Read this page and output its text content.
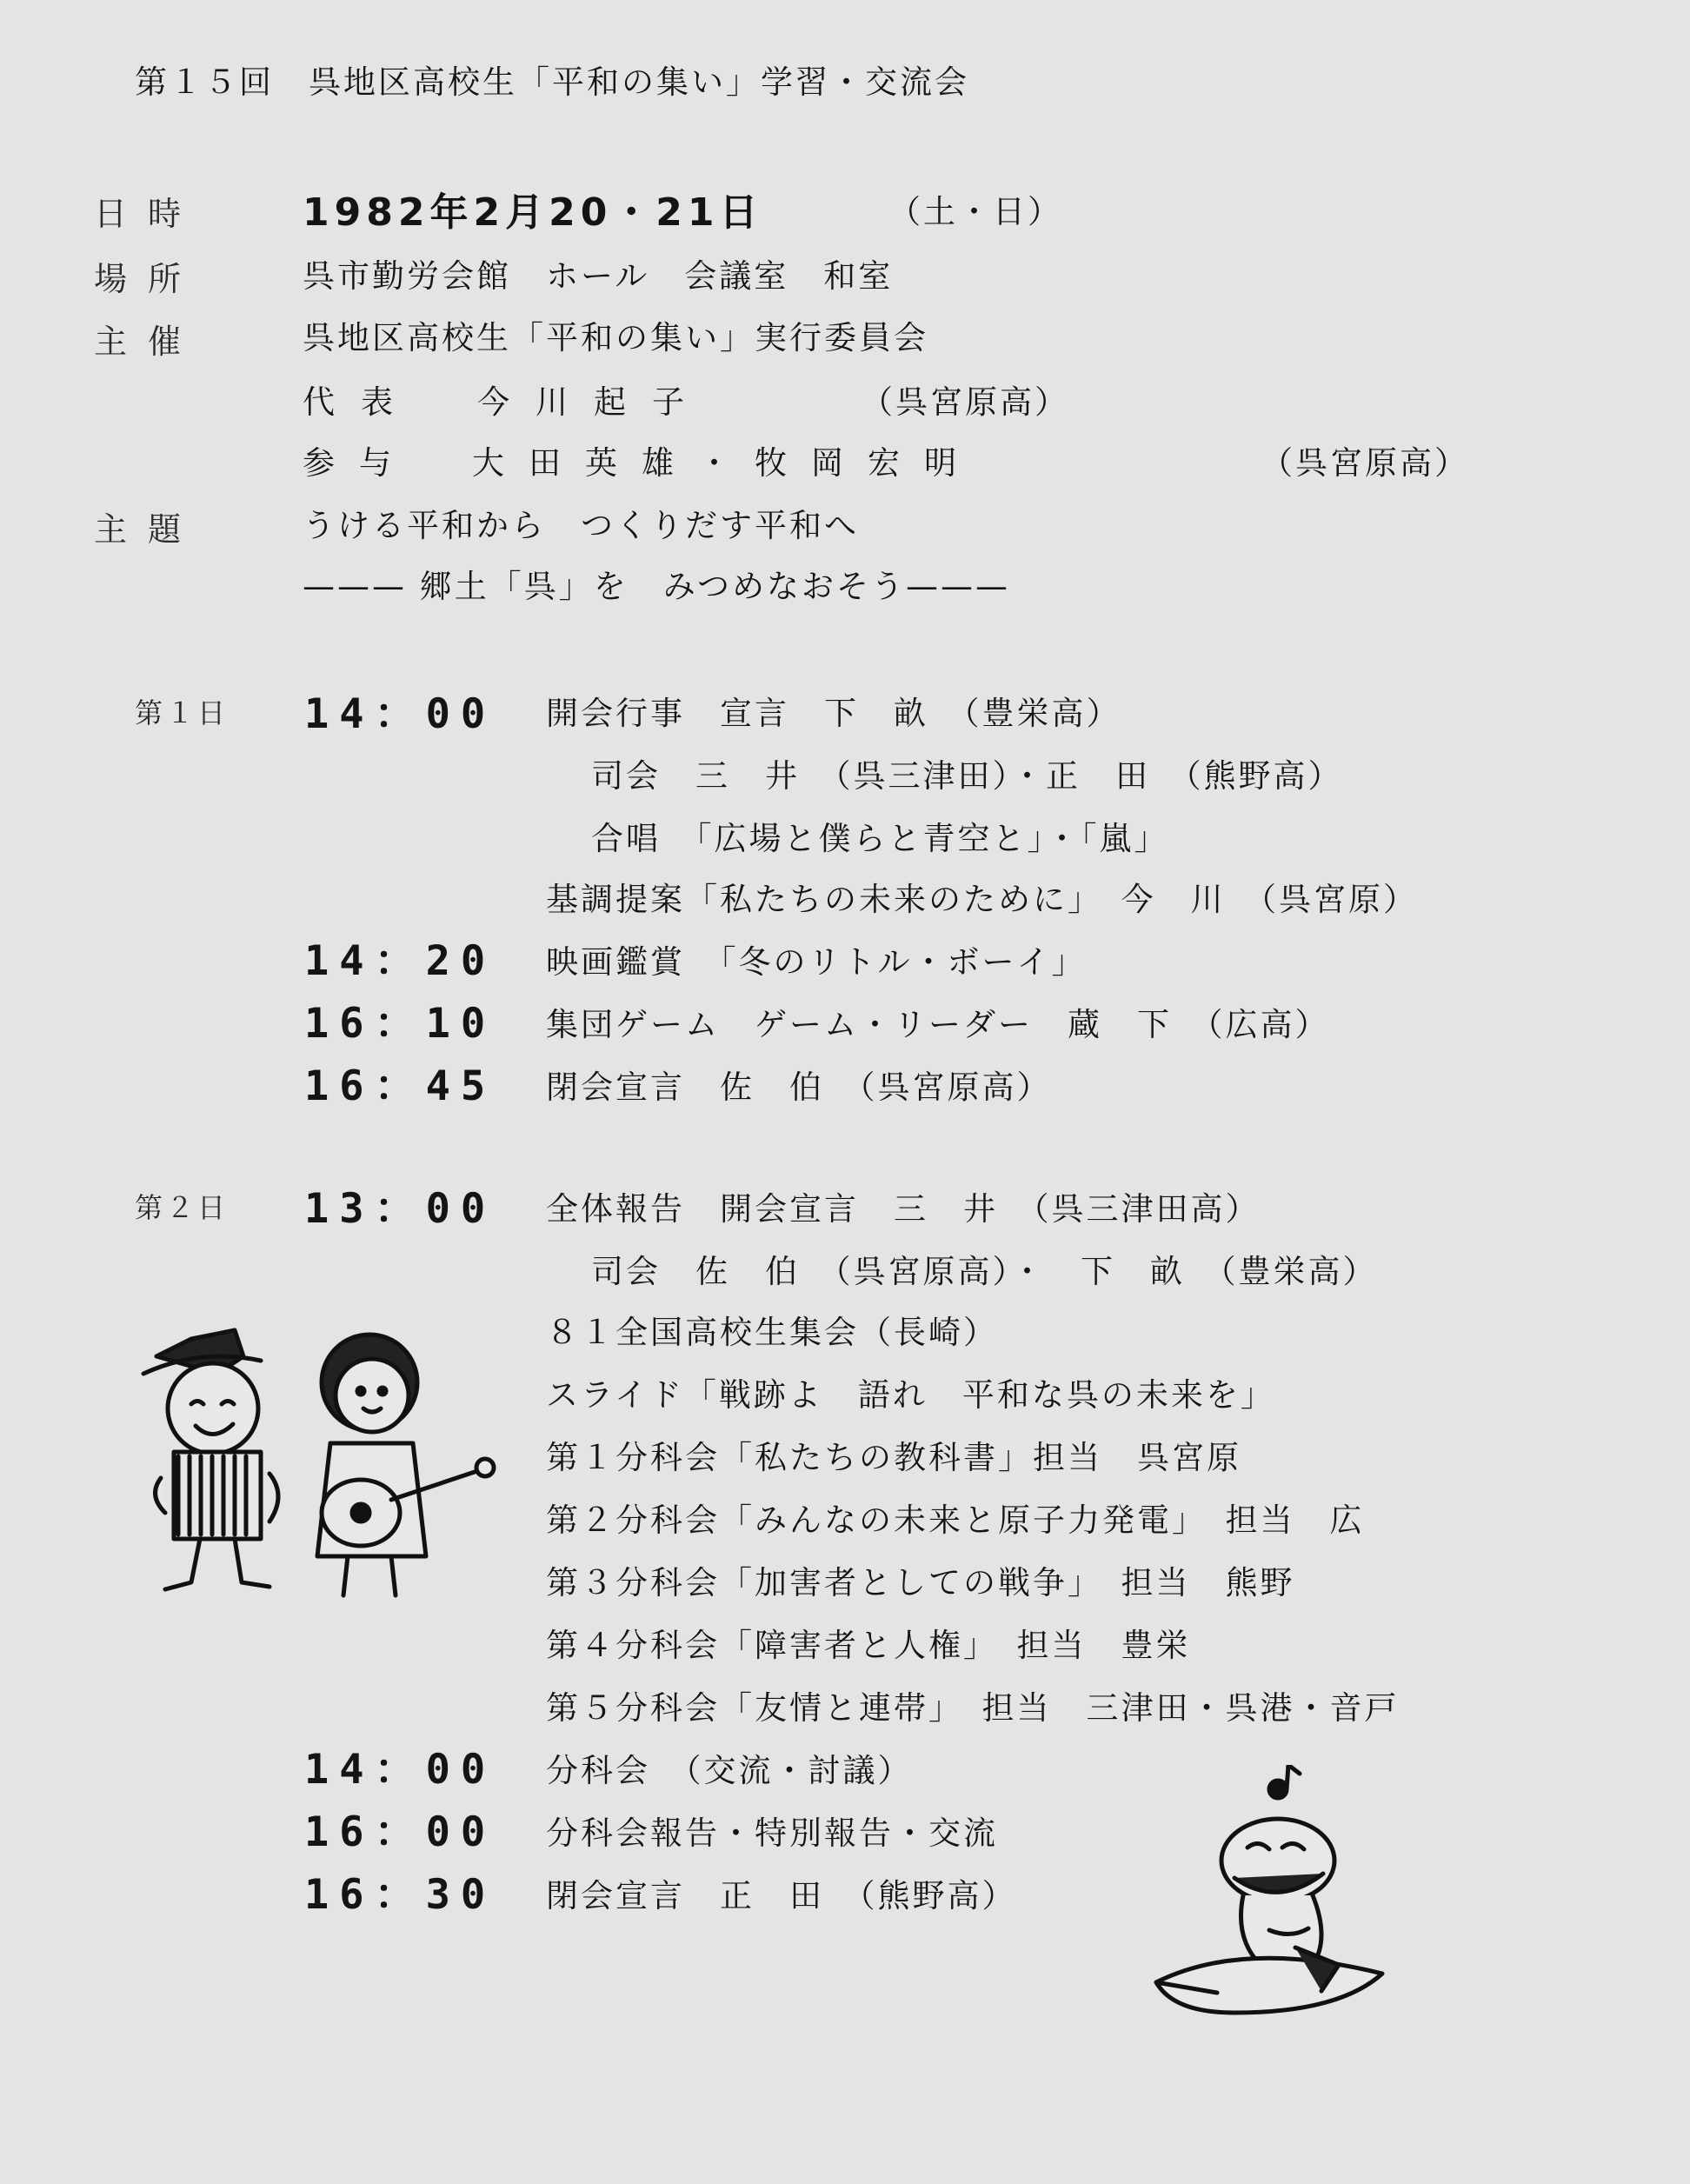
第１５回　呉地区高校生「平和の集い」学習・交流会
日時	1982年2月20・21日	（土・日）
場所	呉市勤労会館　ホール　会議室　和室
主催	呉地区高校生「平和の集い」実行委員会
代表　今川起子	（呉宮原高）
参与　大田英雄・牧岡宏明	（呉宮原高）
主題	うける平和から　つくりだす平和へ
——— 郷土「呉」を　みつめなおそう———
第１日 14：00 開会行事　宣言　下　畝　（豊栄高）
司会　三　井　（呉三津田）・正　田　（熊野高）
合唱　「広場と僕らと青空と」・「嵐」
基調提案「私たちの未来のために」　今　川　（呉宮原）
14：20 映画鑑賞　「冬のリトル・ボーイ」
16：10 集団ゲーム　ゲーム・リーダー　蔵　下　（広高）
16：45 閉会宣言　佐　伯　（呉宮原高）
第２日 13：00 全体報告　開会宣言　三　井　（呉三津田高）
司会　佐　伯　（呉宮原高）・　下　畝　（豊栄高）
８１全国高校生集会（長崎）
スライド「戦跡よ　語れ　平和な呉の未来を」
第１分科会「私たちの教科書」担当　呉宮原
第２分科会「みんなの未来と原子力発電」　担当　広
第３分科会「加害者としての戦争」　担当　熊野
第４分科会「障害者と人権」　担当　豊栄
第５分科会「友情と連帯」　担当　三津田・呉港・音戸
14：00 分科会　（交流・討議）
16：00 分科会報告・特別報告・交流
16：30 閉会宣言　正　田　（熊野高）
